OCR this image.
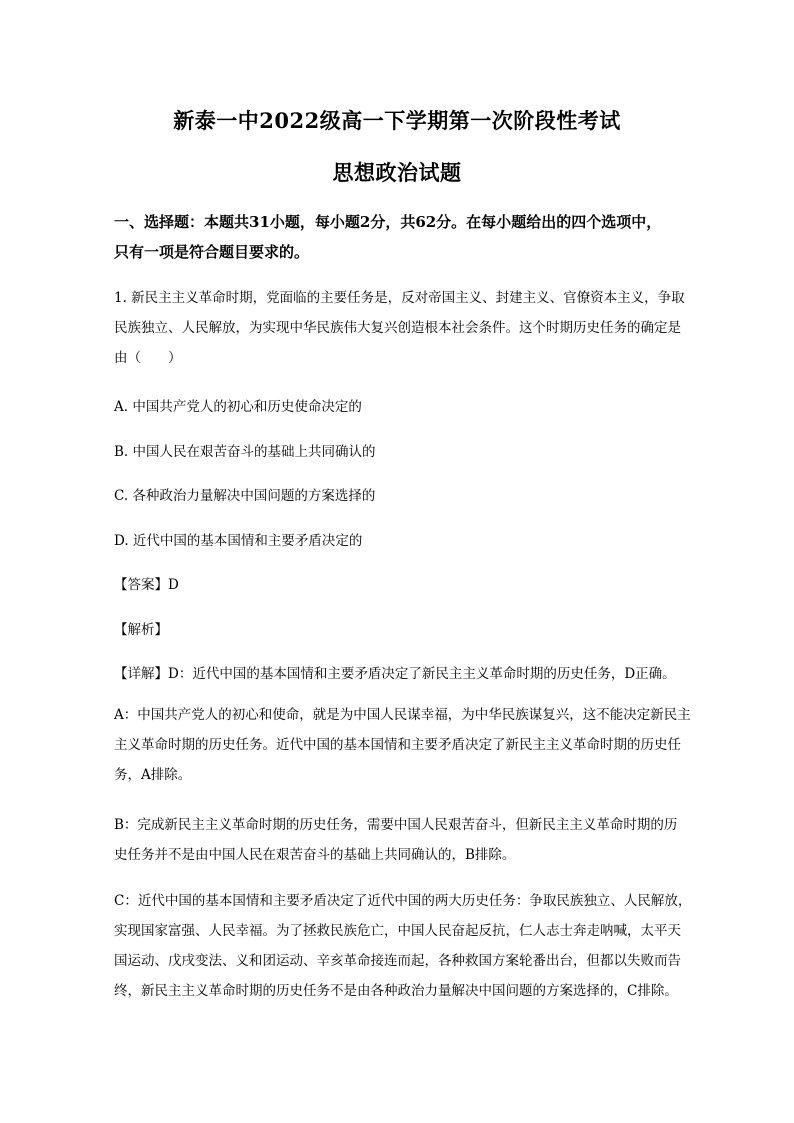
新泰一中2022级高一下学期第一次阶段性考试
思想政治试题
一、选择题：本题共31小题，每小题2分，共62分。在每小题给出的四个选项中，
只有一项是符合题目要求的。
1. 新民主主义革命时期，党面临的主要任务是，反对帝国主义、封建主义、官僚资本主义，争取
民族独立、人民解放，为实现中华民族伟大复兴创造根本社会条件。这个时期历史任务的确定是
由（　　）
A. 中国共产党人的初心和历史使命决定的
B. 中国人民在艰苦奋斗的基础上共同确认的
C. 各种政治力量解决中国问题的方案选择的
D. 近代中国的基本国情和主要矛盾决定的
【答案】D
【解析】
【详解】D：近代中国的基本国情和主要矛盾决定了新民主主义革命时期的历史任务，D正确。
A：中国共产党人的初心和使命，就是为中国人民谋幸福，为中华民族谋复兴，这不能决定新民主
主义革命时期的历史任务。近代中国的基本国情和主要矛盾决定了新民主主义革命时期的历史任
务，A排除。
B：完成新民主主义革命时期的历史任务，需要中国人民艰苦奋斗，但新民主主义革命时期的历
史任务并不是由中国人民在艰苦奋斗的基础上共同确认的，B排除。
C：近代中国的基本国情和主要矛盾决定了近代中国的两大历史任务：争取民族独立、人民解放，
实现国家富强、人民幸福。为了拯救民族危亡，中国人民奋起反抗，仁人志士奔走呐喊，太平天
国运动、戊戌变法、义和团运动、辛亥革命接连而起，各种救国方案轮番出台，但都以失败而告
终，新民主主义革命时期的历史任务不是由各种政治力量解决中国问题的方案选择的，C排除。
